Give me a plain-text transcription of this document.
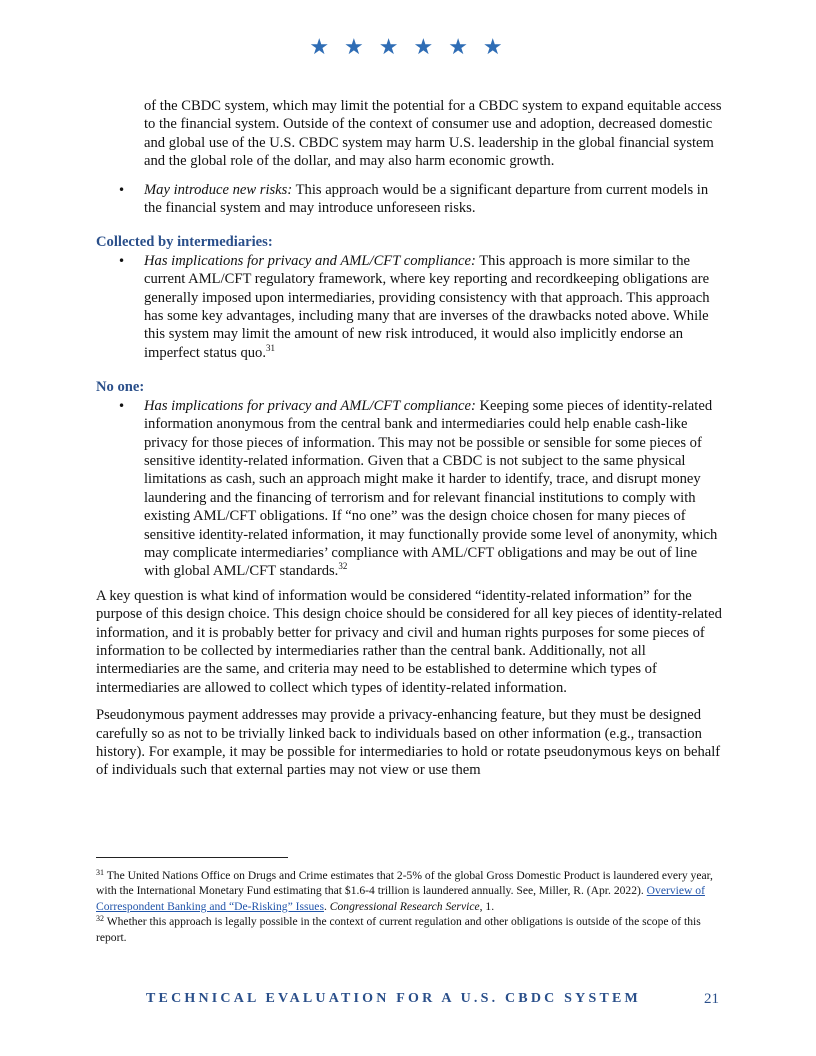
★ ★ ★ ★ ★ ★
of the CBDC system, which may limit the potential for a CBDC system to expand equitable access to the financial system. Outside of the context of consumer use and adoption, decreased domestic and global use of the U.S. CBDC system may harm U.S. leadership in the global financial system and the global role of the dollar, and may also harm economic growth.
• May introduce new risks: This approach would be a significant departure from current models in the financial system and may introduce unforeseen risks.
Collected by intermediaries:
• Has implications for privacy and AML/CFT compliance: This approach is more similar to the current AML/CFT regulatory framework, where key reporting and recordkeeping obligations are generally imposed upon intermediaries, providing consistency with that approach. This approach has some key advantages, including many that are inverses of the drawbacks noted above. While this system may limit the amount of new risk introduced, it would also implicitly endorse an imperfect status quo.$^{31}$
No one:
• Has implications for privacy and AML/CFT compliance: Keeping some pieces of identity-related information anonymous from the central bank and intermediaries could help enable cash-like privacy for those pieces of information. This may not be possible or sensible for some pieces of sensitive identity-related information. Given that a CBDC is not subject to the same physical limitations as cash, such an approach might make it harder to identify, trace, and disrupt money laundering and the financing of terrorism and for relevant financial institutions to comply with existing AML/CFT obligations. If “no one” was the design choice chosen for many pieces of sensitive identity-related information, it may functionally provide some level of anonymity, which may complicate intermediaries’ compliance with AML/CFT obligations and may be out of line with global AML/CFT standards.$^{32}$
A key question is what kind of information would be considered “identity-related information” for the purpose of this design choice. This design choice should be considered for all key pieces of identity-related information, and it is probably better for privacy and civil and human rights purposes for some pieces of information to be collected by intermediaries rather than the central bank. Additionally, not all intermediaries are the same, and criteria may need to be established to determine which types of intermediaries are allowed to collect which types of identity-related information.
Pseudonymous payment addresses may provide a privacy-enhancing feature, but they must be designed carefully so as not to be trivially linked back to individuals based on other information (e.g., transaction history). For example, it may be possible for intermediaries to hold or rotate pseudonymous keys on behalf of individuals such that external parties may not view or use them
$^{31}$ The United Nations Office on Drugs and Crime estimates that 2-5% of the global Gross Domestic Product is laundered every year, with the International Monetary Fund estimating that $1.6-4 trillion is laundered annually. See, Miller, R. (Apr. 2022). Overview of Correspondent Banking and “De-Risking” Issues. Congressional Research Service, 1.
$^{32}$ Whether this approach is legally possible in the context of current regulation and other obligations is outside of the scope of this report.
TECHNICAL EVALUATION FOR A U.S. CBDC SYSTEM	21
